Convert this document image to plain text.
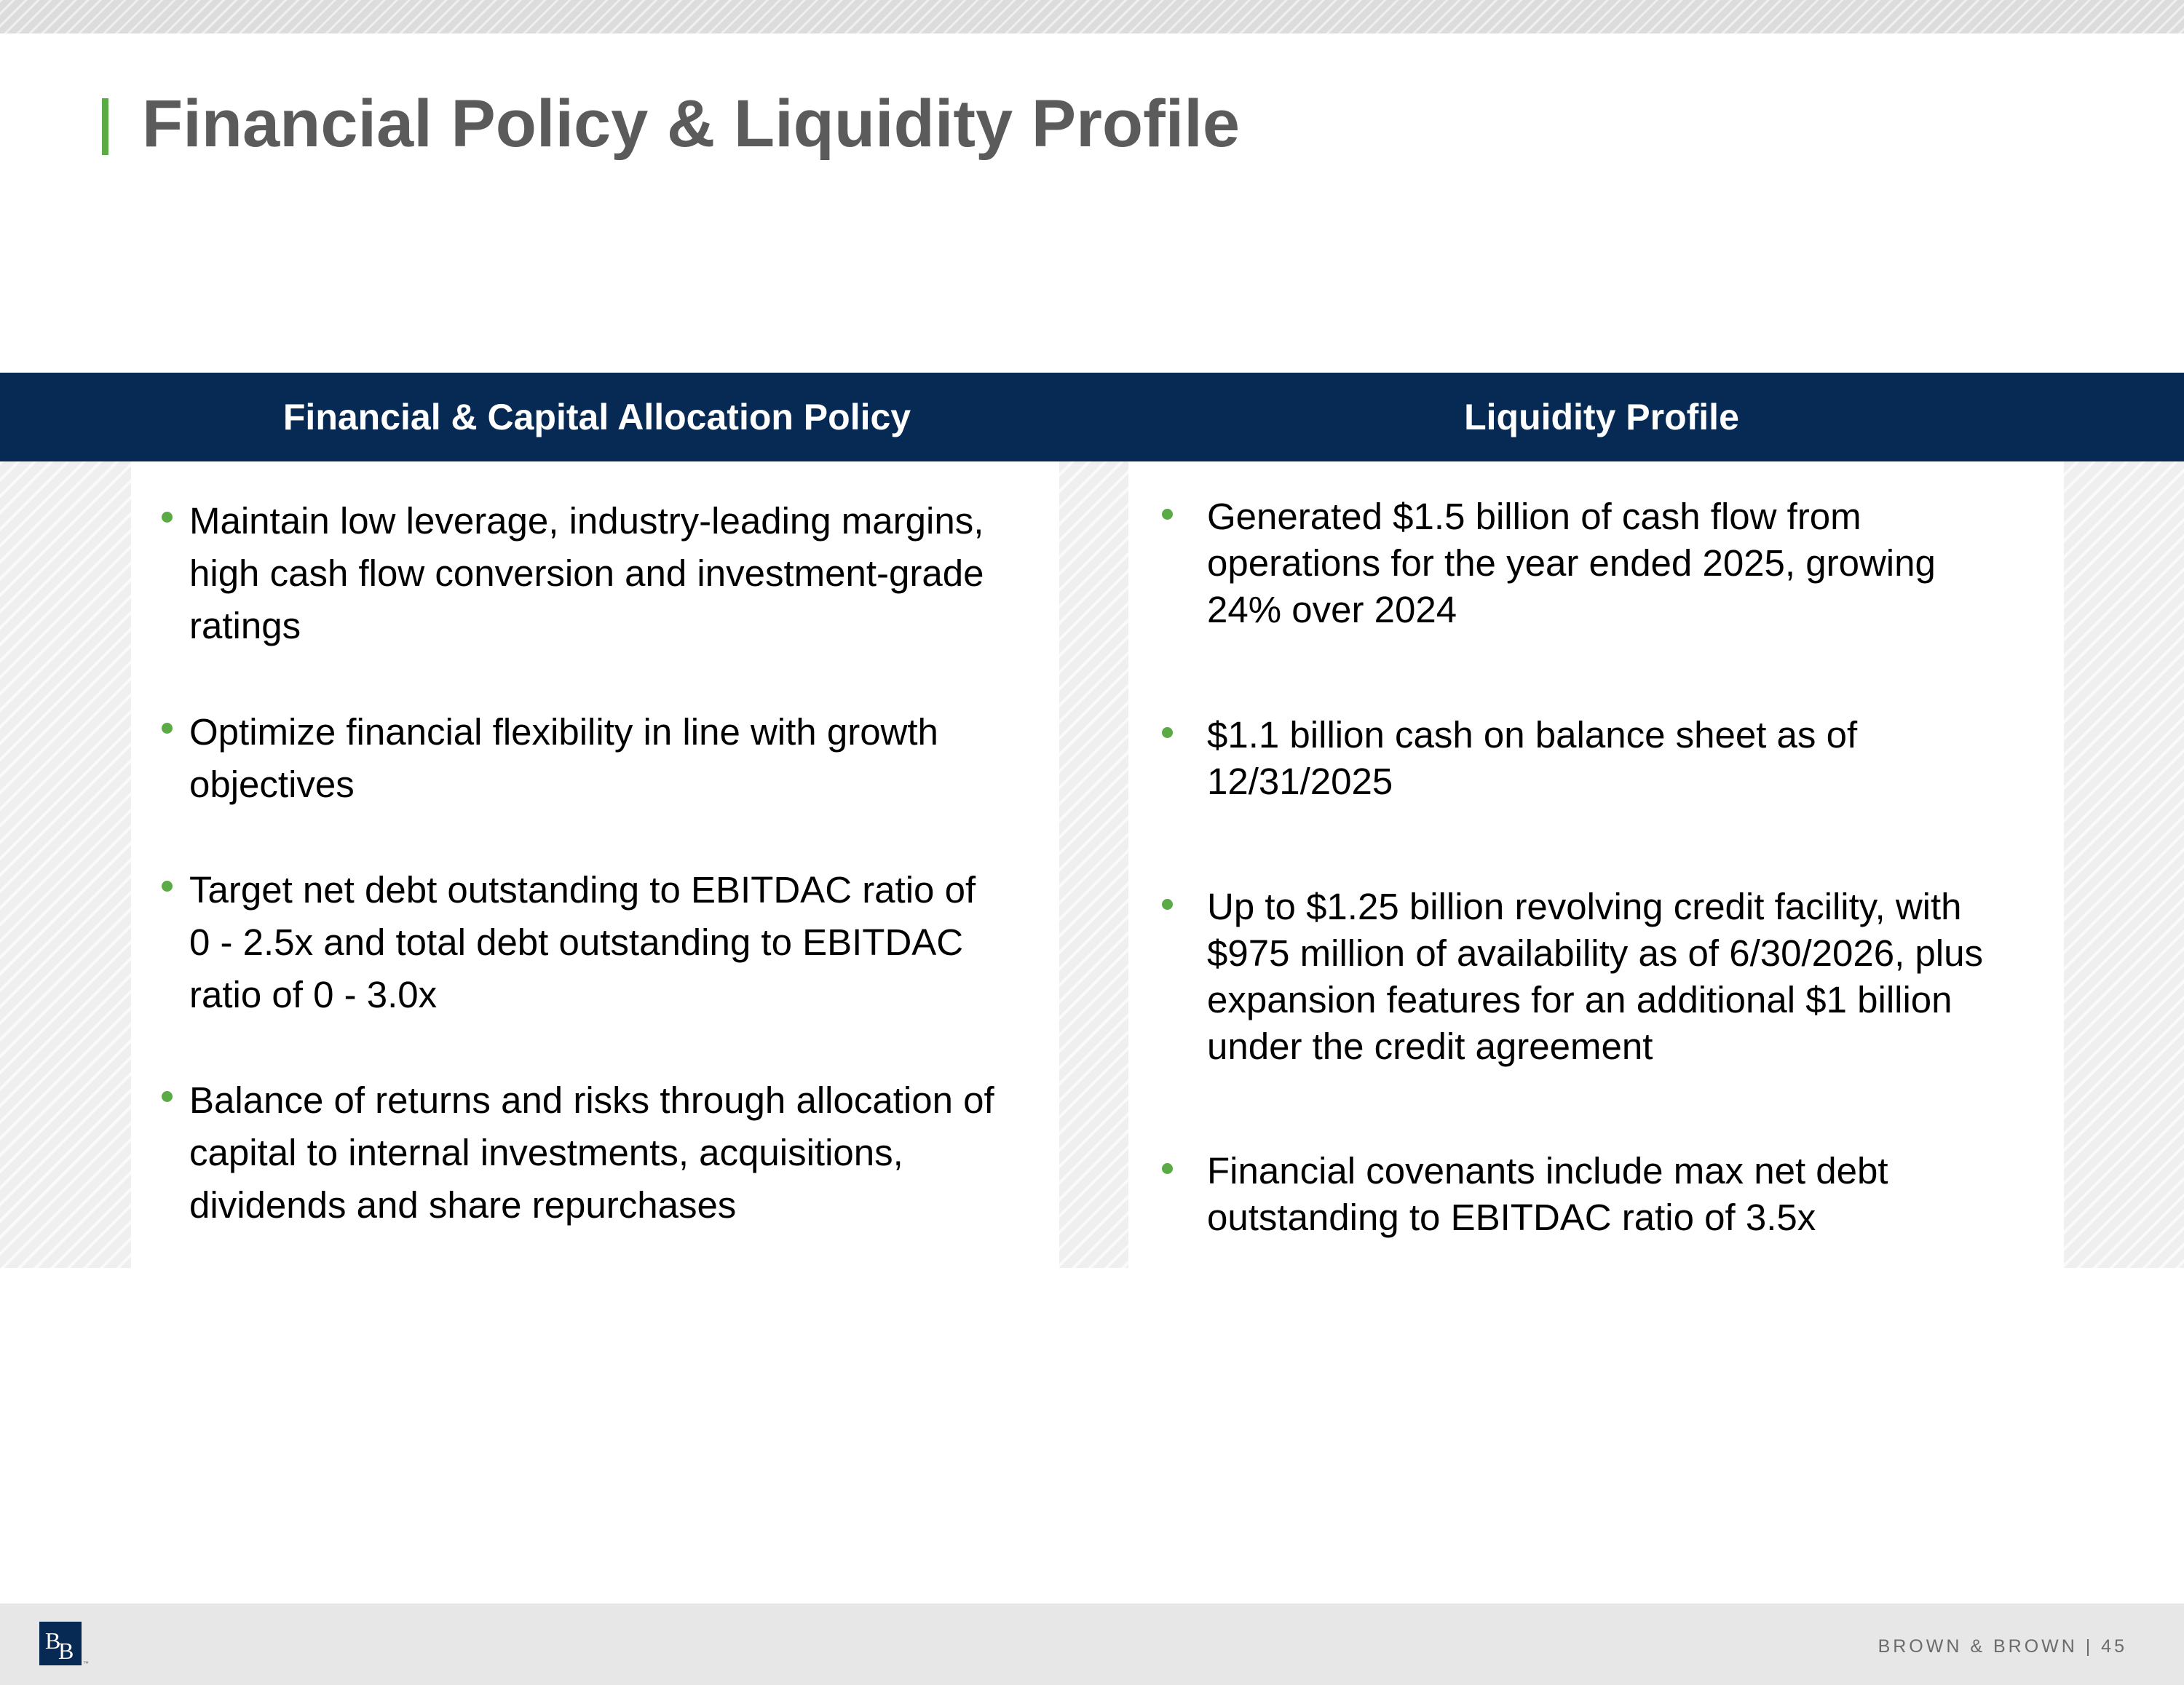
Financial Policy & Liquidity Profile
Financial & Capital Allocation Policy	Liquidity Profile
Maintain low leverage, industry-leading margins,
high cash flow conversion and investment-grade
ratings
Optimize financial flexibility in line with growth
objectives
Target net debt outstanding to EBITDAC ratio of
0 - 2.5x and total debt outstanding to EBITDAC
ratio of 0 - 3.0x
Balance of returns and risks through allocation of
capital to internal investments, acquisitions,
dividends and share repurchases
Generated $1.5 billion of cash flow from
operations for the year ended 2025, growing
24% over 2024
$1.1 billion cash on balance sheet as of
12/31/2025
Up to $1.25 billion revolving credit facility, with
$975 million of availability as of 6/30/2026, plus
expansion features for an additional $1 billion
under the credit agreement
Financial covenants include max net debt
outstanding to EBITDAC ratio of 3.5x
B
B ™
BROWN & BROWN | 45
